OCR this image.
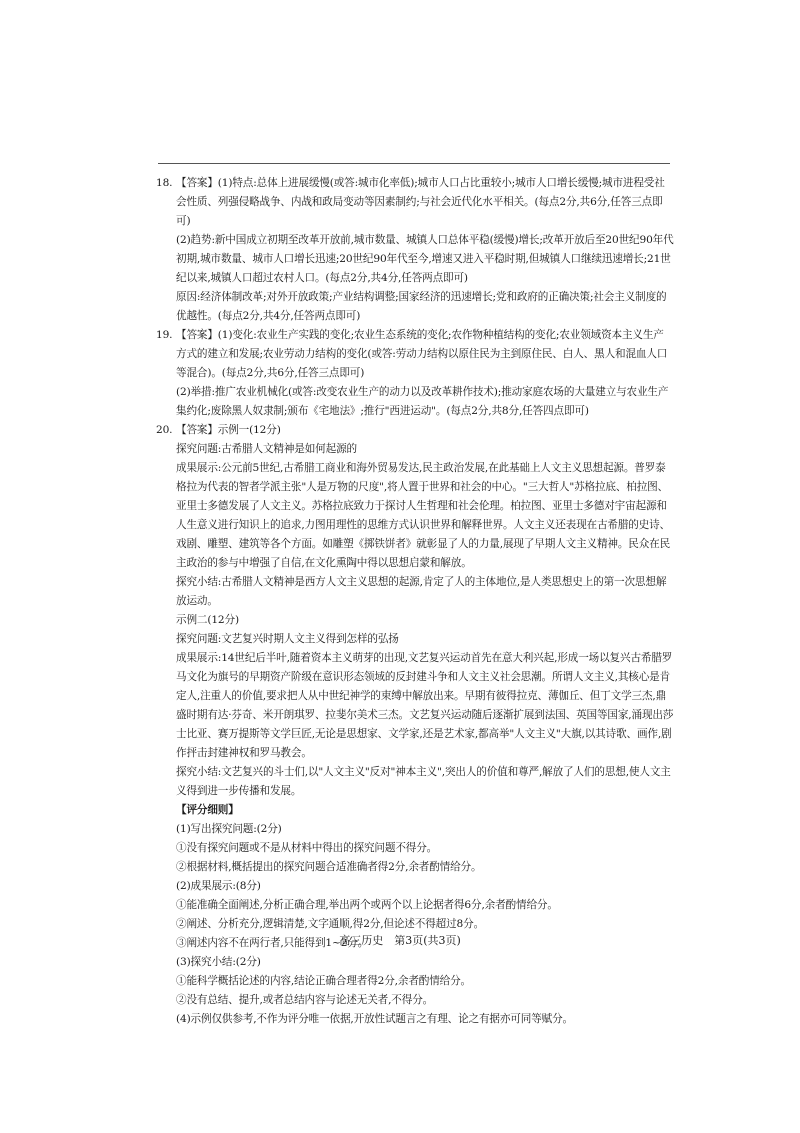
18. 【答案】(1)特点:总体上进展缓慢(或答:城市化率低);城市人口占比重较小;城市人口增长缓慢;城市进程受社会性质、列强侵略战争、内战和政局变动等因素制约;与社会近代化水平相关。(每点2分,共6分,任答三点即可)

(2)趋势:新中国成立初期至改革开放前,城市数量、城镇人口总体平稳(缓慢)增长;改革开放后至20世纪90年代初期,城市数量、城市人口增长迅速;20世纪90年代至今,增速又进入平稳时期,但城镇人口继续迅速增长;21世纪以来,城镇人口超过农村人口。(每点2分,共4分,任答两点即可)

原因:经济体制改革;对外开放政策;产业结构调整;国家经济的迅速增长;党和政府的正确决策;社会主义制度的优越性。(每点2分,共4分,任答两点即可)

19. 【答案】(1)变化:农业生产实践的变化;农业生态系统的变化;农作物种植结构的变化;农业领域资本主义生产方式的建立和发展;农业劳动力结构的变化(或答:劳动力结构以原住民为主到原住民、白人、黑人和混血人口等混合)。(每点2分,共6分,任答三点即可)

(2)举措:推广农业机械化(或答:改变农业生产的动力以及改革耕作技术);推动家庭农场的大量建立与农业生产集约化;废除黑人奴隶制;颁布《宅地法》;推行"西进运动"。(每点2分,共8分,任答四点即可)

20. 【答案】示例一(12分)

探究问题:古希腊人文精神是如何起源的

成果展示:公元前5世纪,古希腊工商业和海外贸易发达,民主政治发展,在此基础上人文主义思想起源。普罗泰格拉为代表的智者学派主张"人是万物的尺度",将人置于世界和社会的中心。"三大哲人"苏格拉底、柏拉图、亚里士多德发展了人文主义。苏格拉底致力于探讨人生哲理和社会伦理。柏拉图、亚里士多德对宇宙起源和人生意义进行知识上的追求,力图用理性的思维方式认识世界和解释世界。人文主义还表现在古希腊的史诗、戏剧、雕塑、建筑等各个方面。如雕塑《掷铁饼者》就彰显了人的力量,展现了早期人文主义精神。民众在民主政治的参与中增强了自信,在文化熏陶中得以思想启蒙和解放。

探究小结:古希腊人文精神是西方人文主义思想的起源,肯定了人的主体地位,是人类思想史上的第一次思想解放运动。

示例二(12分)

探究问题:文艺复兴时期人文主义得到怎样的弘扬

成果展示:14世纪后半叶,随着资本主义萌芽的出现,文艺复兴运动首先在意大利兴起,形成一场以复兴古希腊罗马文化为旗号的早期资产阶级在意识形态领域的反封建斗争和人文主义社会思潮。所谓人文主义,其核心是肯定人,注重人的价值,要求把人从中世纪神学的束缚中解放出来。早期有彼得拉克、薄伽丘、但丁文学三杰,鼎盛时期有达·芬奇、米开朗琪罗、拉斐尔美术三杰。文艺复兴运动随后逐渐扩展到法国、英国等国家,涌现出莎士比亚、赛万提斯等文学巨匠,无论是思想家、文学家,还是艺术家,都高举"人文主义"大旗,以其诗歌、画作,剧作抨击封建神权和罗马教会。

探究小结:文艺复兴的斗士们,以"人文主义"反对"神本主义",突出人的价值和尊严,解放了人们的思想,使人文主义得到进一步传播和发展。

【评分细则】

(1)写出探究问题:(2分)

①没有探究问题或不是从材料中得出的探究问题不得分。

②根据材料,概括提出的探究问题合适准确者得2分,余者酌情给分。

(2)成果展示:(8分)

①能准确全面阐述,分析正确合理,举出两个或两个以上论据者得6分,余者酌情给分。

②阐述、分析充分,逻辑清楚,文字通顺,得2分,但论述不得超过8分。

③阐述内容不在两行者,只能得到1~2分。

(3)探究小结:(2分)

①能科学概括论述的内容,结论正确合理者得2分,余者酌情给分。

②没有总结、提升,或者总结内容与论述无关者,不得分。

(4)示例仅供参考,不作为评分唯一依据,开放性试题言之有理、论之有据亦可同等赋分。

高三历史　第3页(共3页)
